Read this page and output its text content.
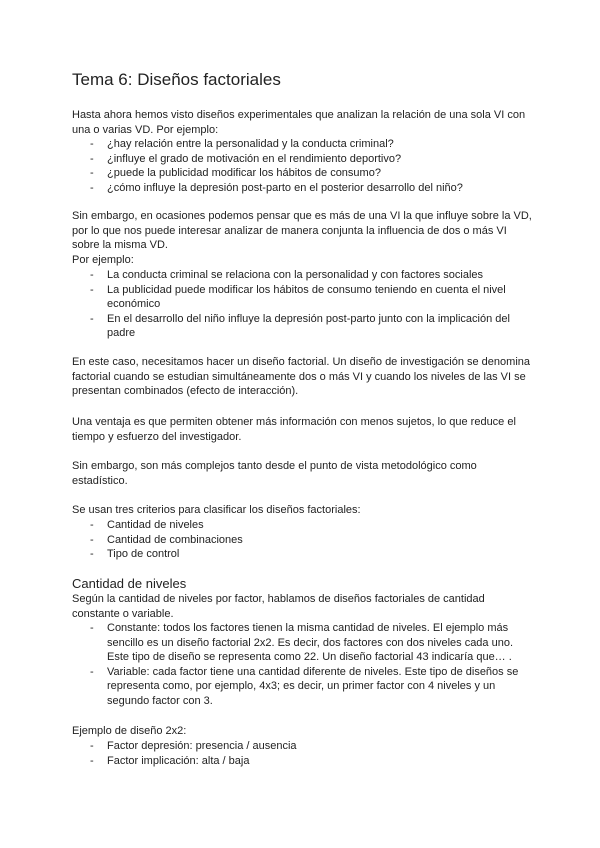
Tema 6: Diseños factoriales
Hasta ahora hemos visto diseños experimentales que analizan la relación de una sola VI con una o varias VD. Por ejemplo:
- ¿hay relación entre la personalidad y la conducta criminal?
- ¿influye el grado de motivación en el rendimiento deportivo?
- ¿puede la publicidad modificar los hábitos de consumo?
- ¿cómo influye la depresión post-parto en el posterior desarrollo del niño?
Sin embargo, en ocasiones podemos pensar que es más de una VI la que influye sobre la VD, por lo que nos puede interesar analizar de manera conjunta la influencia de dos o más VI sobre la misma VD.
Por ejemplo:
- La conducta criminal se relaciona con la personalidad y con factores sociales
- La publicidad puede modificar los hábitos de consumo teniendo en cuenta el nivel económico
- En el desarrollo del niño influye la depresión post-parto junto con la implicación del padre
En este caso, necesitamos hacer un diseño factorial. Un diseño de investigación se denomina factorial cuando se estudian simultáneamente dos o más VI y cuando los niveles de las VI se presentan combinados (efecto de interacción).
Una ventaja es que permiten obtener más información con menos sujetos, lo que reduce el tiempo y esfuerzo del investigador.
Sin embargo, son más complejos tanto desde el punto de vista metodológico como estadístico.
Se usan tres criterios para clasificar los diseños factoriales:
- Cantidad de niveles
- Cantidad de combinaciones
- Tipo de control
Cantidad de niveles
Según la cantidad de niveles por factor, hablamos de diseños factoriales de cantidad constante o variable.
- Constante: todos los factores tienen la misma cantidad de niveles. El ejemplo más sencillo es un diseño factorial 2x2. Es decir, dos factores con dos niveles cada uno. Este tipo de diseño se representa como 22. Un diseño factorial 43 indicaría que… .
- Variable: cada factor tiene una cantidad diferente de niveles. Este tipo de diseños se representa como, por ejemplo, 4x3; es decir, un primer factor con 4 niveles y un segundo factor con 3.
Ejemplo de diseño 2x2:
- Factor depresión: presencia / ausencia
- Factor implicación: alta / baja
